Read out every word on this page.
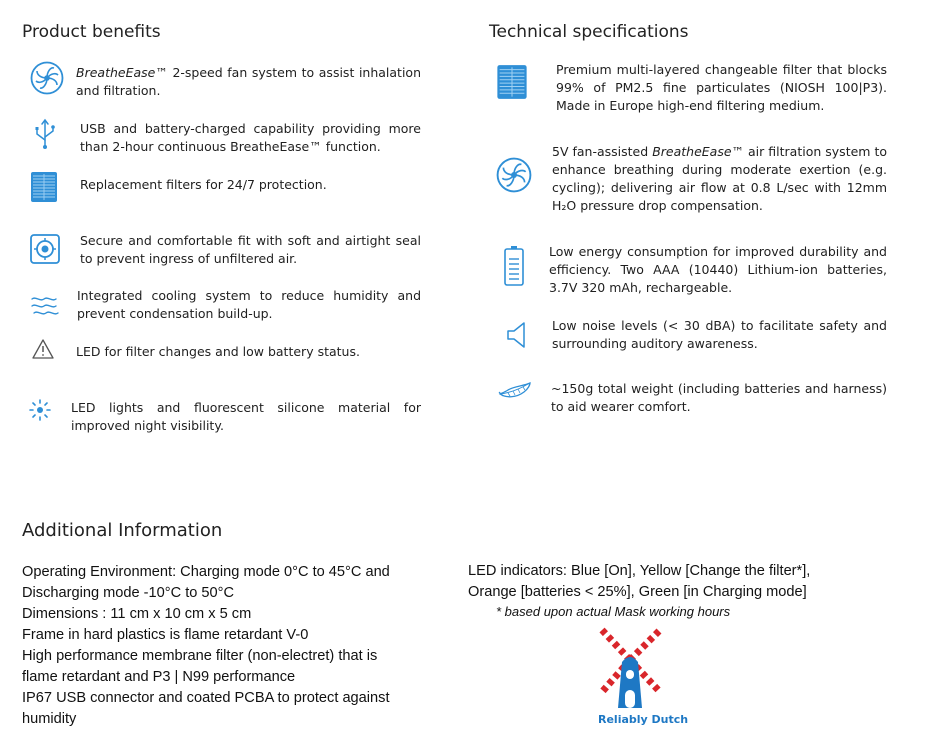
Product benefits
BreatheEase™ 2-speed fan system to assist inhalation and filtration.
USB and battery-charged capability providing more than 2-hour continuous BreatheEase™ function.
Replacement filters for 24/7 protection.
Secure and comfortable fit with soft and airtight seal to prevent ingress of unfiltered air.
Integrated cooling system to reduce humidity and prevent condensation build-up.
LED for filter changes and low battery status.
LED lights and fluorescent silicone material for improved night visibility.
Technical specifications
Premium multi-layered changeable filter that blocks 99% of PM2.5 fine particulates (NIOSH 100|P3). Made in Europe high-end filtering medium.
5V fan-assisted BreatheEase™ air filtration system to enhance breathing during moderate exertion (e.g. cycling); delivering air flow at 0.8 L/sec with 12mm H₂O pressure drop compensation.
Low energy consumption for improved durability and efficiency. Two AAA (10440) Lithium-ion batteries, 3.7V 320 mAh, rechargeable.
Low noise levels (< 30 dBA) to facilitate safety and surrounding auditory awareness.
~150g total weight (including batteries and harness) to aid wearer comfort.
Additional Information
Operating Environment: Charging mode 0°C to 45°C and
Discharging mode -10°C to 50°C
Dimensions : 11 cm x 10 cm x 5 cm
Frame in hard plastics is flame retardant V-0
High performance membrane filter (non-electret) that is
flame retardant and P3 | N99 performance
IP67 USB connector and coated PCBA to protect against
humidity
LED indicators: Blue [On], Yellow [Change the filter*],
Orange [batteries < 25%], Green [in Charging mode]
* based upon actual Mask working hours
Reliably Dutch
